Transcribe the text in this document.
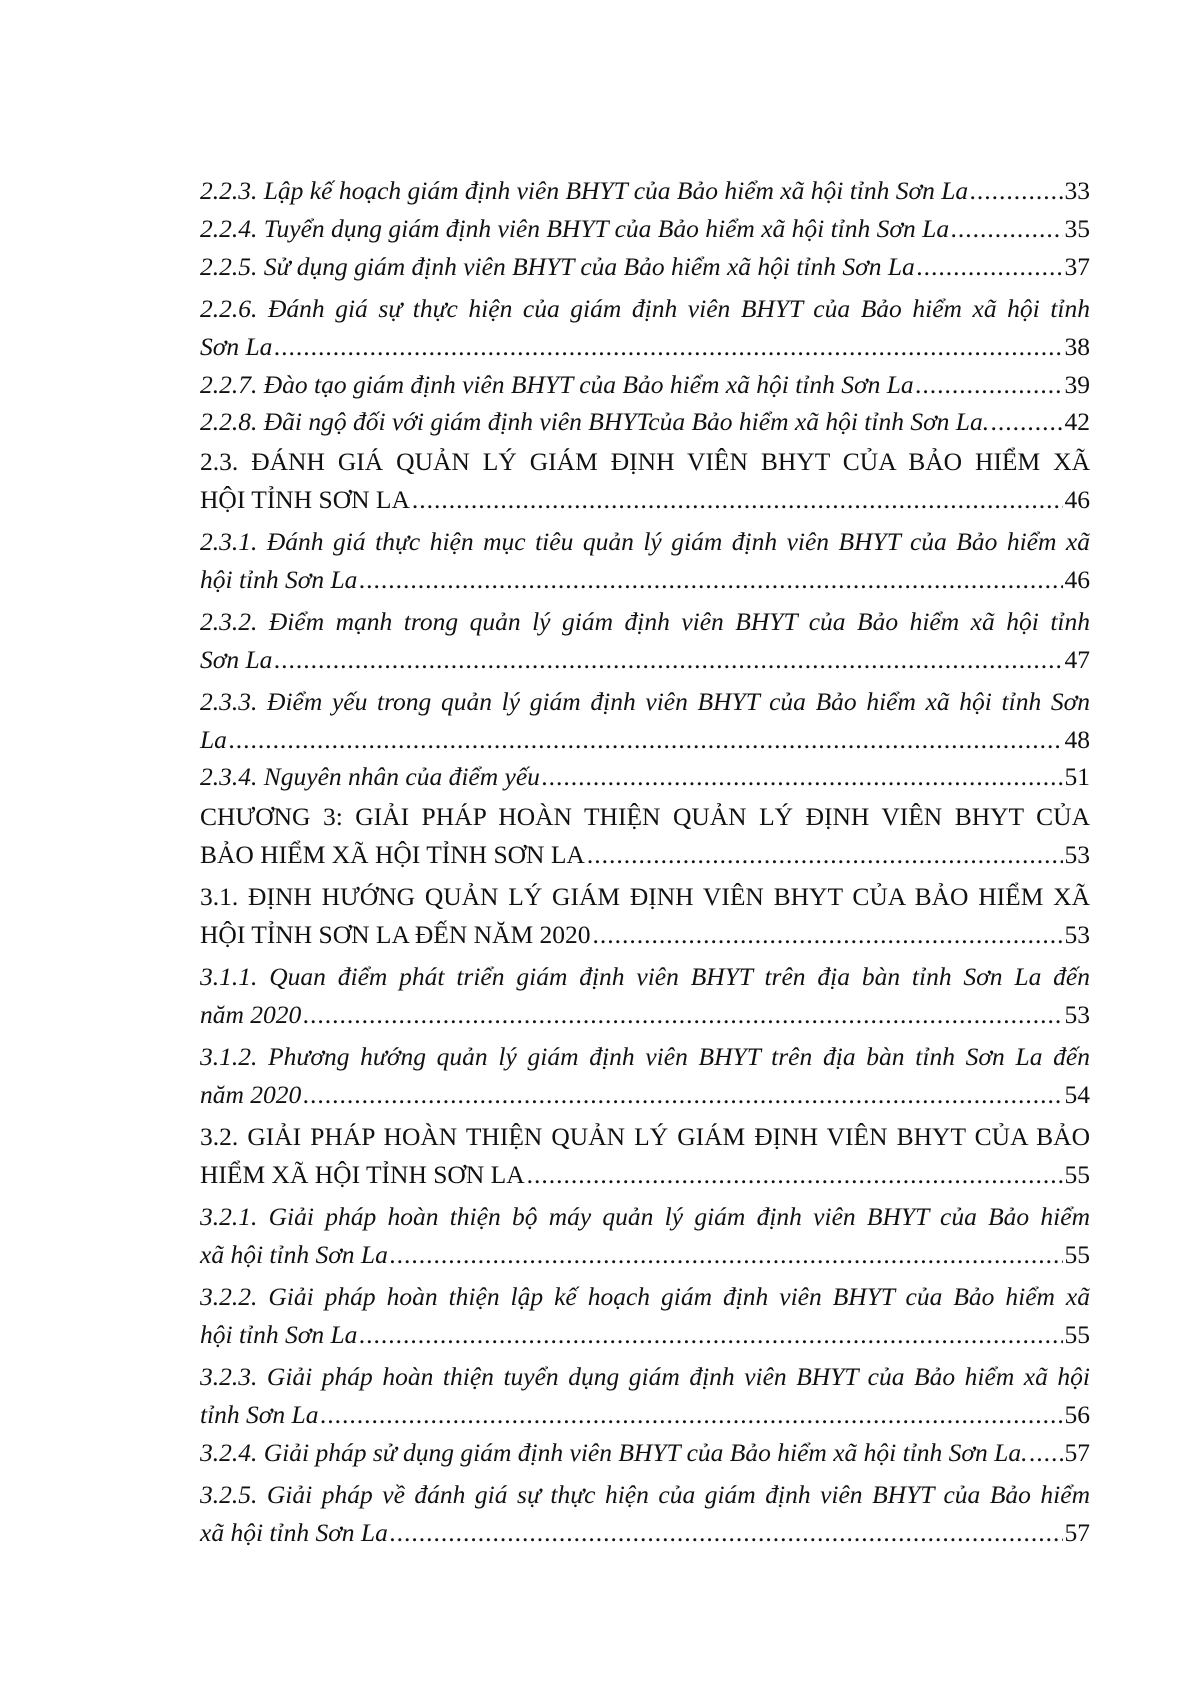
2.2.3. Lập kế hoạch giám định viên BHYT của Bảo hiểm xã hội tỉnh Sơn La .....	33
2.2.4. Tuyển dụng giám định viên BHYT của Bảo hiểm xã hội tỉnh Sơn La .....	35
2.2.5. Sử dụng giám định viên BHYT của Bảo hiểm xã hội tỉnh Sơn La .....	37
2.2.6. Đánh giá sự thực hiện của giám định viên BHYT của Bảo hiểm xã hội tỉnh
Sơn La .....	38
2.2.7. Đào tạo giám định viên BHYT của Bảo hiểm xã hội tỉnh Sơn La .....	39
2.2.8. Đãi ngộ đối với giám định viên BHYTcủa Bảo hiểm xã hội tỉnh Sơn La. .....	42
2.3. ĐÁNH GIÁ QUẢN LÝ GIÁM ĐỊNH VIÊN BHYT CỦA BẢO HIỂM XÃ
HỘI TỈNH SƠN LA .....	46
2.3.1. Đánh giá thực hiện mục tiêu quản lý giám định viên BHYT của Bảo hiểm xã
hội tỉnh Sơn La .....	46
2.3.2. Điểm mạnh trong quản lý giám định viên BHYT của Bảo hiểm xã hội tỉnh
Sơn La .....	47
2.3.3. Điểm yếu trong quản lý giám định viên BHYT của Bảo hiểm xã hội tỉnh Sơn
La .....	48
2.3.4. Nguyên nhân của điểm yếu .....	51
CHƯƠNG 3: GIẢI PHÁP HOÀN THIỆN QUẢN LÝ ĐỊNH VIÊN BHYT CỦA
BẢO HIỂM XÃ HỘI TỈNH SƠN LA .....	53
3.1. ĐỊNH HƯỚNG QUẢN LÝ GIÁM ĐỊNH VIÊN BHYT CỦA BẢO HIỂM XÃ
HỘI TỈNH SƠN LA ĐẾN NĂM 2020 .....	53
3.1.1. Quan điểm phát triển giám định viên BHYT trên địa bàn tỉnh Sơn La đến
năm 2020 .....	53
3.1.2. Phương hướng quản lý giám định viên BHYT trên địa bàn tỉnh Sơn La đến
năm 2020 .....	54
3.2. GIẢI PHÁP HOÀN THIỆN QUẢN LÝ GIÁM ĐỊNH VIÊN BHYT CỦA BẢO
HIỂM XÃ HỘI TỈNH SƠN LA .....	55
3.2.1. Giải pháp hoàn thiện bộ máy quản lý giám định viên BHYT của Bảo hiểm
xã hội tỉnh Sơn La .....	55
3.2.2. Giải pháp hoàn thiện lập kế hoạch giám định viên BHYT của Bảo hiểm xã
hội tỉnh Sơn La .....	55
3.2.3. Giải pháp hoàn thiện tuyển dụng giám định viên BHYT của Bảo hiểm xã hội
tỉnh Sơn La .....	56
3.2.4. Giải pháp sử dụng giám định viên BHYT của Bảo hiểm xã hội tỉnh Sơn La. ..... 57
3.2.5. Giải pháp về đánh giá sự thực hiện của giám định viên BHYT của Bảo hiểm
xã hội tỉnh Sơn La .....	57
